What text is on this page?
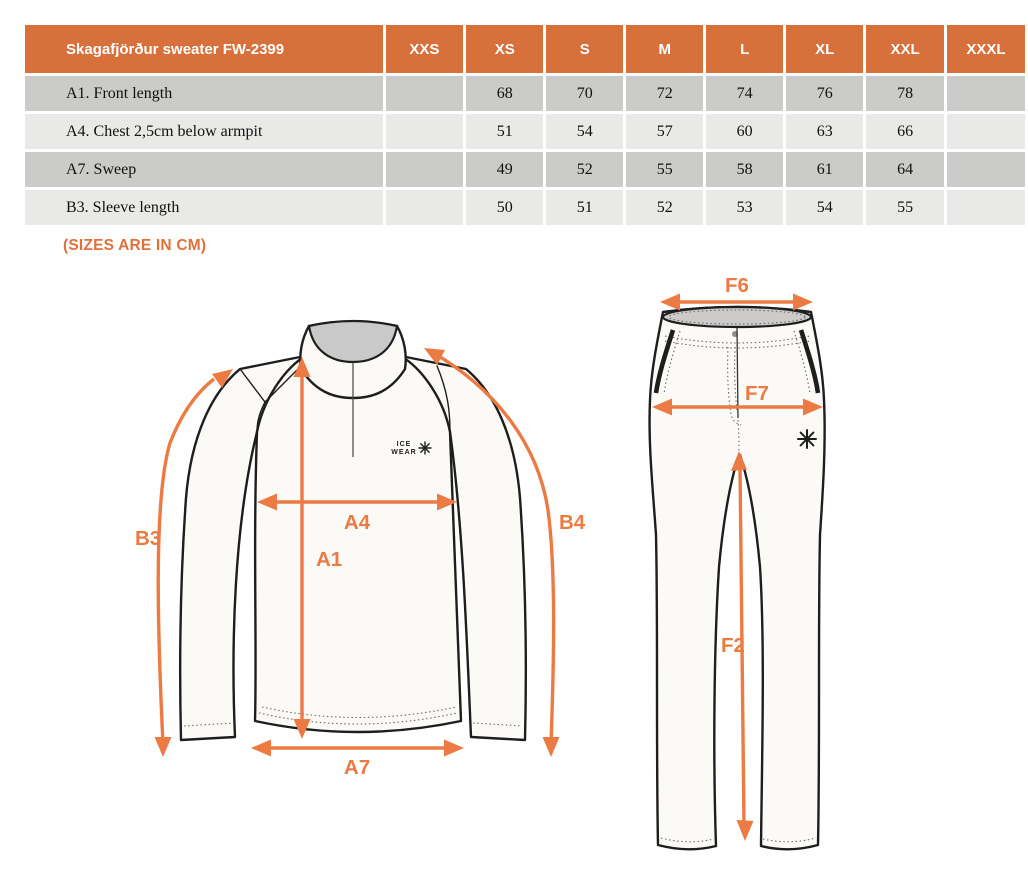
Skagafjörður sweater FW-2399	XXS	XS	S	M	L	XL	XXL	XXXL
A1. Front length		68	70	72	74	76	78	
A4. Chest 2,5cm below armpit		51	54	57	60	63	66	
A7. Sweep		49	52	55	58	61	64	
B3. Sleeve length		50	51	52	53	54	55	
(SIZES ARE IN CM)
ICE
WEAR
B3
B4
A4
A1
A7
F6
F7
F2
